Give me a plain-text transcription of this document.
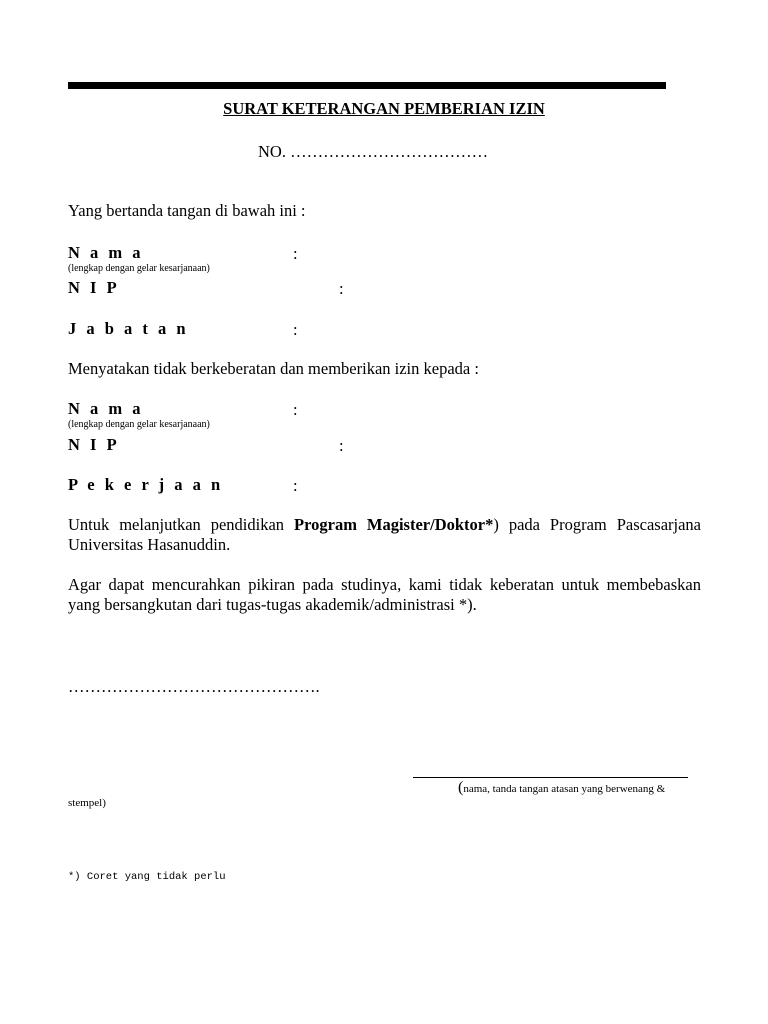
SURAT KETERANGAN PEMBERIAN IZIN
NO. ………………………………
Yang bertanda tangan di bawah ini :
N a m a	:
(lengkap dengan gelar kesarjanaan)
N I P	:
J a b a t a n	:
Menyatakan tidak berkeberatan dan memberikan izin kepada :
N a m a	:
(lengkap dengan gelar kesarjanaan)
N I P	:
P e k e r j a a n	:
Untuk melanjutkan pendidikan Program Magister/Doktor*) pada Program Pascasarjana Universitas Hasanuddin.
Agar dapat mencurahkan pikiran pada studinya, kami tidak keberatan untuk membebaskan yang bersangkutan dari tugas-tugas akademik/administrasi *).
……………………………………….
(nama, tanda tangan atasan yang berwenang &
stempel)
*) Coret yang tidak perlu
